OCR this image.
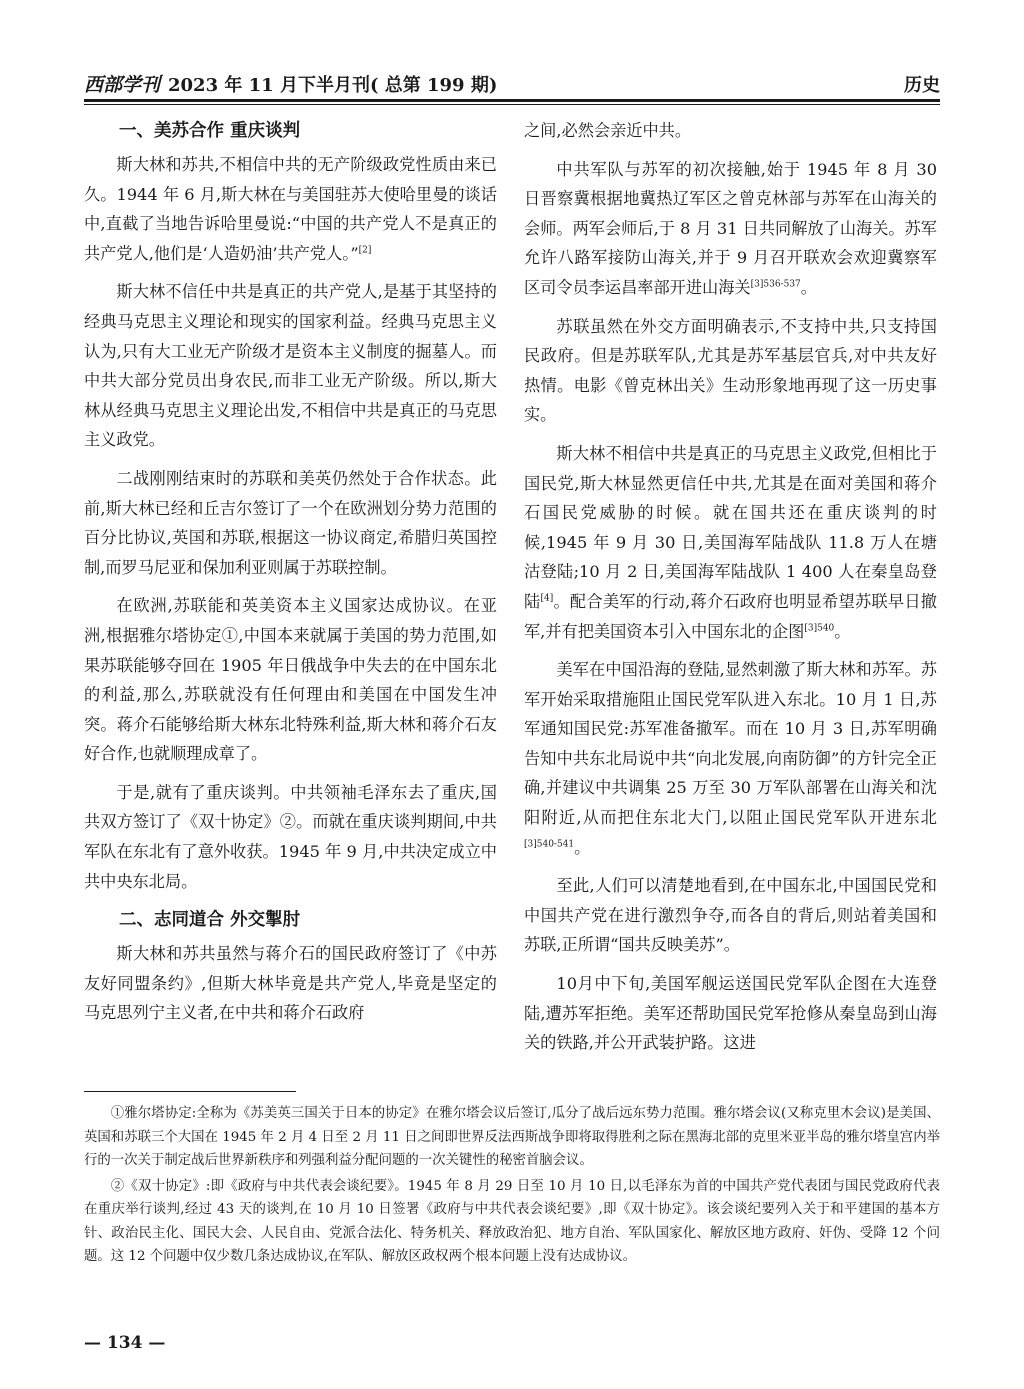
西部学刊 2023 年 11 月下半月刊( 总第 199 期)	历史
一、美苏合作 重庆谈判

斯大林和苏共,不相信中共的无产阶级政党性质由来已久。1944 年 6 月,斯大林在与美国驻苏大使哈里曼的谈话中,直截了当地告诉哈里曼说:“中国的共产党人不是真正的共产党人,他们是‘人造奶油’共产党人。”[2]

斯大林不信任中共是真正的共产党人,是基于其坚持的经典马克思主义理论和现实的国家利益。经典马克思主义认为,只有大工业无产阶级才是资本主义制度的掘墓人。而中共大部分党员出身农民,而非工业无产阶级。所以,斯大林从经典马克思主义理论出发,不相信中共是真正的马克思主义政党。

二战刚刚结束时的苏联和美英仍然处于合作状态。此前,斯大林已经和丘吉尔签订了一个在欧洲划分势力范围的百分比协议,英国和苏联,根据这一协议商定,希腊归英国控制,而罗马尼亚和保加利亚则属于苏联控制。

在欧洲,苏联能和英美资本主义国家达成协议。在亚洲,根据雅尔塔协定①,中国本来就属于美国的势力范围,如果苏联能够夺回在 1905 年日俄战争中失去的在中国东北的利益,那么,苏联就没有任何理由和美国在中国发生冲突。蒋介石能够给斯大林东北特殊利益,斯大林和蒋介石友好合作,也就顺理成章了。

于是,就有了重庆谈判。中共领袖毛泽东去了重庆,国共双方签订了《双十协定》②。而就在重庆谈判期间,中共军队在东北有了意外收获。1945 年 9 月,中共决定成立中共中央东北局。

二、志同道合 外交掣肘

斯大林和苏共虽然与蒋介石的国民政府签订了《中苏友好同盟条约》,但斯大林毕竟是共产党人,毕竟是坚定的马克思列宁主义者,在中共和蒋介石政府

之间,必然会亲近中共。

中共军队与苏军的初次接触,始于 1945 年 8 月 30 日晋察冀根据地冀热辽军区之曾克林部与苏军在山海关的会师。两军会师后,于 8 月 31 日共同解放了山海关。苏军允许八路军接防山海关,并于 9 月召开联欢会欢迎冀察军区司令员李运昌率部开进山海关$^{[3]536-537}$。

苏联虽然在外交方面明确表示,不支持中共,只支持国民政府。但是苏联军队,尤其是苏军基层官兵,对中共友好热情。电影《曾克林出关》生动形象地再现了这一历史事实。

斯大林不相信中共是真正的马克思主义政党,但相比于国民党,斯大林显然更信任中共,尤其是在面对美国和蒋介石国民党威胁的时候。就在国共还在重庆谈判的时候,1945 年 9 月 30 日,美国海军陆战队 11.8 万人在塘沽登陆;10 月 2 日,美国海军陆战队 1 400 人在秦皇岛登陆[4]。配合美军的行动,蒋介石政府也明显希望苏联早日撤军,并有把美国资本引入中国东北的企图$^{[3]540}$。

美军在中国沿海的登陆,显然刺激了斯大林和苏军。苏军开始采取措施阻止国民党军队进入东北。10 月 1 日,苏军通知国民党:苏军准备撤军。而在 10 月 3 日,苏军明确告知中共东北局说中共“向北发展,向南防御”的方针完全正确,并建议中共调集 25 万至 30 万军队部署在山海关和沈阳附近,从而把住东北大门,以阻止国民党军队开进东北$^{[3]540-541}$。

至此,人们可以清楚地看到,在中国东北,中国国民党和中国共产党在进行激烈争夺,而各自的背后,则站着美国和苏联,正所谓“国共反映美苏”。

10月中下旬,美国军舰运送国民党军队企图在大连登陆,遭苏军拒绝。美军还帮助国民党军抢修从秦皇岛到山海关的铁路,并公开武装护路。这进

①雅尔塔协定:全称为《苏美英三国关于日本的协定》在雅尔塔会议后签订,瓜分了战后远东势力范围。雅尔塔会议(又称克里木会议)是美国、英国和苏联三个大国在 1945 年 2 月 4 日至 2 月 11 日之间即世界反法西斯战争即将取得胜利之际在黑海北部的克里米亚半岛的雅尔塔皇宫内举行的一次关于制定战后世界新秩序和列强利益分配问题的一次关键性的秘密首脑会议。

②《双十协定》:即《政府与中共代表会谈纪要》。1945 年 8 月 29 日至 10 月 10 日,以毛泽东为首的中国共产党代表团与国民党政府代表在重庆举行谈判,经过 43 天的谈判,在 10 月 10 日签署《政府与中共代表会谈纪要》,即《双十协定》。该会谈纪要列入关于和平建国的基本方针、政治民主化、国民大会、人民自由、党派合法化、特务机关、释放政治犯、地方自治、军队国家化、解放区地方政府、奸伪、受降 12 个问题。这 12 个问题中仅少数几条达成协议,在军队、解放区政权两个根本问题上没有达成协议。

— 134 —
